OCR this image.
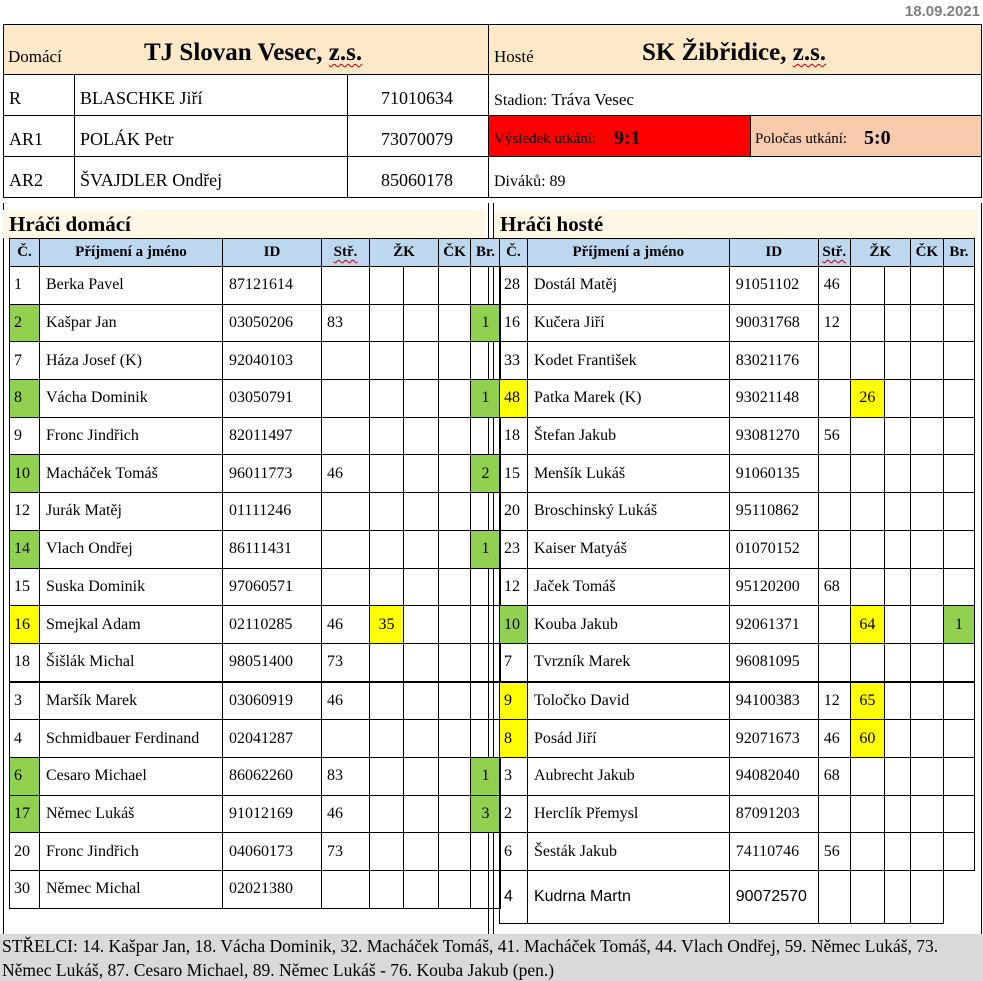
18.09.2021
Domácí	TJ Slovan Vesec, z.s.	Hosté	SK Žibřidice, z.s.
R	BLASCHKE Jiří	71010634
AR1 POLÁK Petr	73070079
AR2 ŠVAJDLER Ondřej	85060178
Stadion: Tráva Vesec
Výsledek utkání: 9:1	Poločas utkání: 5:0
Diváků: 89
Hráči domácí	Hráči hosté
Č.	Příjmení a jméno	ID	Stř.	ŽK		ČK	Br.
1	Berka Pavel	87121614					
2	Kašpar Jan	03050206	83				1
7	Háza Josef (K)	92040103					
8	Vácha Dominik	03050791					1
9	Fronc Jindřich	82011497					
10	Macháček Tomáš	96011773	46				2
12	Jurák Matěj	01111246					
14	Vlach Ondřej	86111431					1
15	Suska Dominik	97060571					
16	Smejkal Adam	02110285	46	35			
18	Šišlák Michal	98051400	73				
3	Maršík Marek	03060919	46				
4	Schmidbauer Ferdinand	02041287					
6	Cesaro Michael	86062260	83				1
17	Němec Lukáš	91012169	46				3
20	Fronc Jindřich	04060173	73				
30	Němec Michal	02021380					
Č.	Příjmení a jméno	ID	Stř.	ŽK		ČK	Br.
28	Dostál Matěj	91051102	46				
16	Kučera Jiří	90031768	12				
33	Kodet František	83021176					
48	Patka Marek (K)	93021148		26			
18	Štefan Jakub	93081270	56				
15	Menšík Lukáš	91060135					
20	Broschinský Lukáš	95110862					
23	Kaiser Matyáš	01070152					
12	Jaček Tomáš	95120200	68				
10	Kouba Jakub	92061371		64			1
7	Tvrzník Marek	96081095					
9	Toločko David	94100383	12	65			
8	Posád Jiří	92071673	46	60			
3	Aubrecht Jakub	94082040	68				
2	Herclík Přemysl	87091203					
6	Šesták Jakub	74110746	56				
4	Kudrna Martn	90072570					
STŘELCI: 14. Kašpar Jan, 18. Vácha Dominik, 32. Macháček Tomáš, 41. Macháček Tomáš, 44. Vlach Ondřej, 59. Němec Lukáš, 73. Němec Lukáš, 87. Cesaro Michael, 89. Němec Lukáš - 76. Kouba Jakub (pen.)
